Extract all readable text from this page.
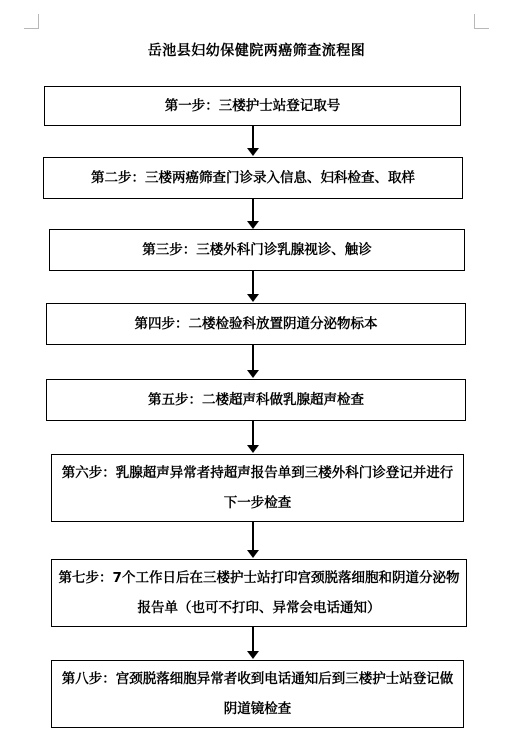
岳池县妇幼保健院两癌筛查流程图
第一步：三楼护士站登记取号
第二步：三楼两癌筛查门诊录入信息、妇科检查、取样
第三步：三楼外科门诊乳腺视诊、触诊
第四步：二楼检验科放置阴道分泌物标本
第五步：二楼超声科做乳腺超声检查
第六步：乳腺超声异常者持超声报告单到三楼外科门诊登记并进行下一步检查
第七步：7个工作日后在三楼护士站打印宫颈脱落细胞和阴道分泌物报告单（也可不打印、异常会电话通知）
第八步：宫颈脱落细胞异常者收到电话通知后到三楼护士站登记做阴道镜检查
